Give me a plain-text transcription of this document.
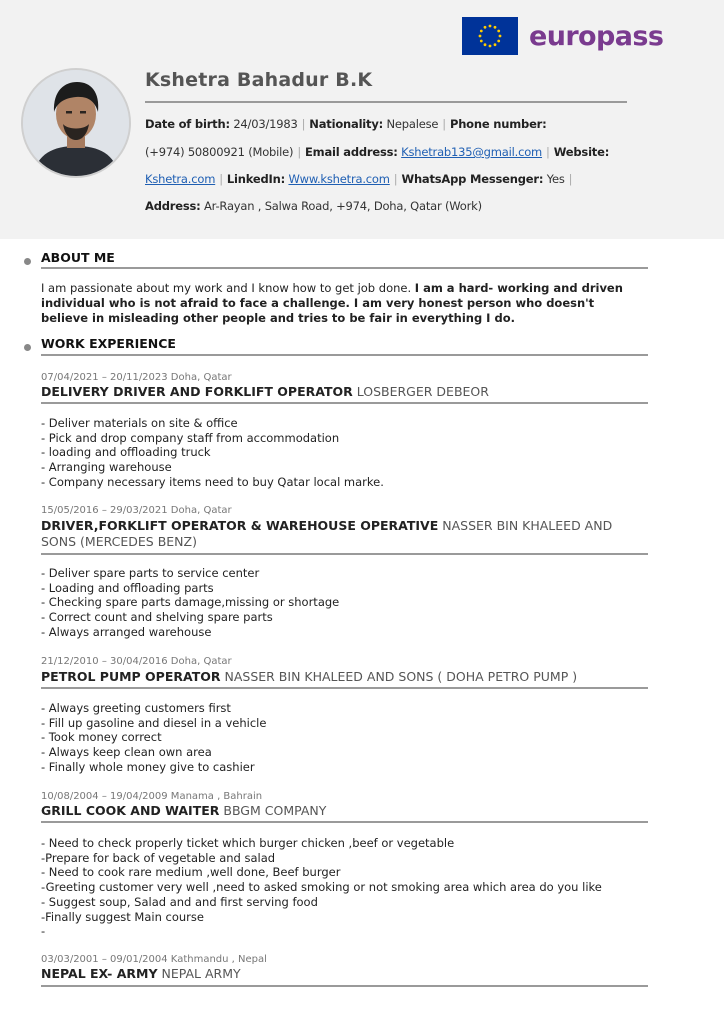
europass
Kshetra Bahadur B.K
Date of birth: 24/03/1983 | Nationality: Nepalese | Phone number:
(+974) 50800921 (Mobile) | Email address: Kshetrab135@gmail.com | Website:
Kshetra.com | LinkedIn: Www.kshetra.com | WhatsApp Messenger: Yes |
Address: Ar-Rayan , Salwa Road, +974, Doha, Qatar (Work)
ABOUT ME
I am passionate about my work and I know how to get job done. I am a hard- working and driven individual who is not afraid to face a challenge. I am very honest person who doesn't believe in misleading other people and tries to be fair in everything I do.
WORK EXPERIENCE
07/04/2021 – 20/11/2023 Doha, Qatar
DELIVERY DRIVER AND FORKLIFT OPERATOR LOSBERGER DEBEOR
- Deliver materials on site & office
- Pick and drop company staff from accommodation
- loading and offloading truck
- Arranging warehouse
- Company necessary items need to buy Qatar local marke.
15/05/2016 – 29/03/2021 Doha, Qatar
DRIVER,FORKLIFT OPERATOR & WAREHOUSE OPERATIVE NASSER BIN KHALEED AND SONS (MERCEDES BENZ)
- Deliver spare parts to service center
- Loading and offloading parts
- Checking spare parts damage,missing or shortage
- Correct count and shelving spare parts
- Always arranged warehouse
21/12/2010 – 30/04/2016 Doha, Qatar
PETROL PUMP OPERATOR NASSER BIN KHALEED AND SONS ( DOHA PETRO PUMP )
- Always greeting customers first
- Fill up gasoline and diesel in a vehicle
- Took money correct
- Always keep clean own area
- Finally whole money give to cashier
10/08/2004 – 19/04/2009 Manama , Bahrain
GRILL COOK AND WAITER BBGM COMPANY
- Need to check properly ticket which burger chicken ,beef or vegetable
-Prepare for back of vegetable and salad
- Need to cook rare medium ,well done, Beef burger
-Greeting customer very well ,need to asked smoking or not smoking area which area do you like
- Suggest soup, Salad and and first serving food
-Finally suggest Main course
-
03/03/2001 – 09/01/2004 Kathmandu , Nepal
NEPAL EX- ARMY NEPAL ARMY
